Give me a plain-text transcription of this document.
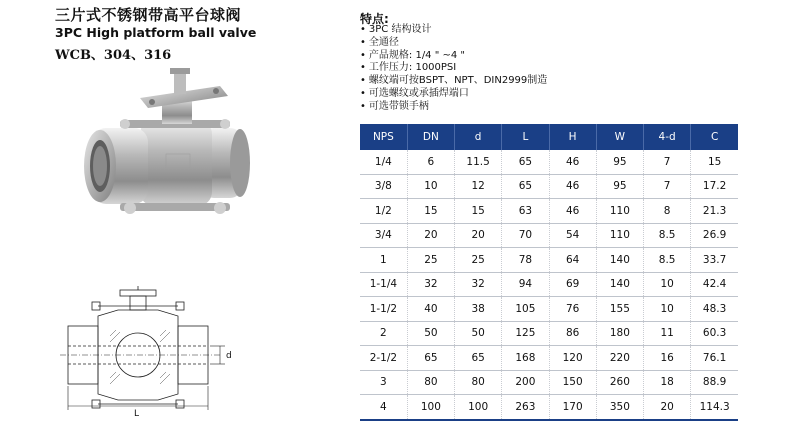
三片式不锈钢带高平台球阀
3PC High platform ball valve
WCB、304、316
d
L
特点:
• 3PC 结构设计
• 全通径
• 产品规格: 1/4 " ~4 "
• 工作压力: 1000PSI
• 螺纹端可按BSPT、NPT、DIN2999制造
• 可选螺纹或承插焊端口
• 可选带锁手柄
NPS	DN	d	L	H	W	4-d	C
1/4	6	11.5	65	46	95	7	15
3/8	10	12	65	46	95	7	17.2
1/2	15	15	63	46	110	8	21.3
3/4	20	20	70	54	110	8.5	26.9
1	25	25	78	64	140	8.5	33.7
1-1/4	32	32	94	69	140	10	42.4
1-1/2	40	38	105	76	155	10	48.3
2	50	50	125	86	180	11	60.3
2-1/2	65	65	168	120	220	16	76.1
3	80	80	200	150	260	18	88.9
4	100	100	263	170	350	20	114.3
